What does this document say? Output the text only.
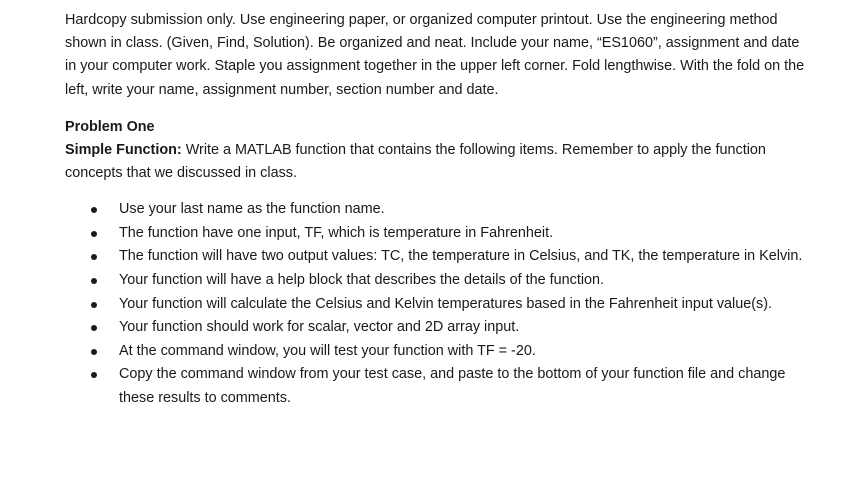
Hardcopy submission only. Use engineering paper, or organized computer printout. Use the engineering method shown in class. (Given, Find, Solution). Be organized and neat. Include your name, “ES1060”, assignment and date in your computer work. Staple you assignment together in the upper left corner. Fold lengthwise. With the fold on the left, write your name, assignment number, section number and date.

Problem One

Simple Function: Write a MATLAB function that contains the following items. Remember to apply the function concepts that we discussed in class.

Use your last name as the function name.
The function have one input, TF, which is temperature in Fahrenheit.
The function will have two output values: TC, the temperature in Celsius, and TK, the temperature in Kelvin.
Your function will have a help block that describes the details of the function.
Your function will calculate the Celsius and Kelvin temperatures based in the Fahrenheit input value(s).
Your function should work for scalar, vector and 2D array input.
At the command window, you will test your function with TF = -20.
Copy the command window from your test case, and paste to the bottom of your function file and change these results to comments.
